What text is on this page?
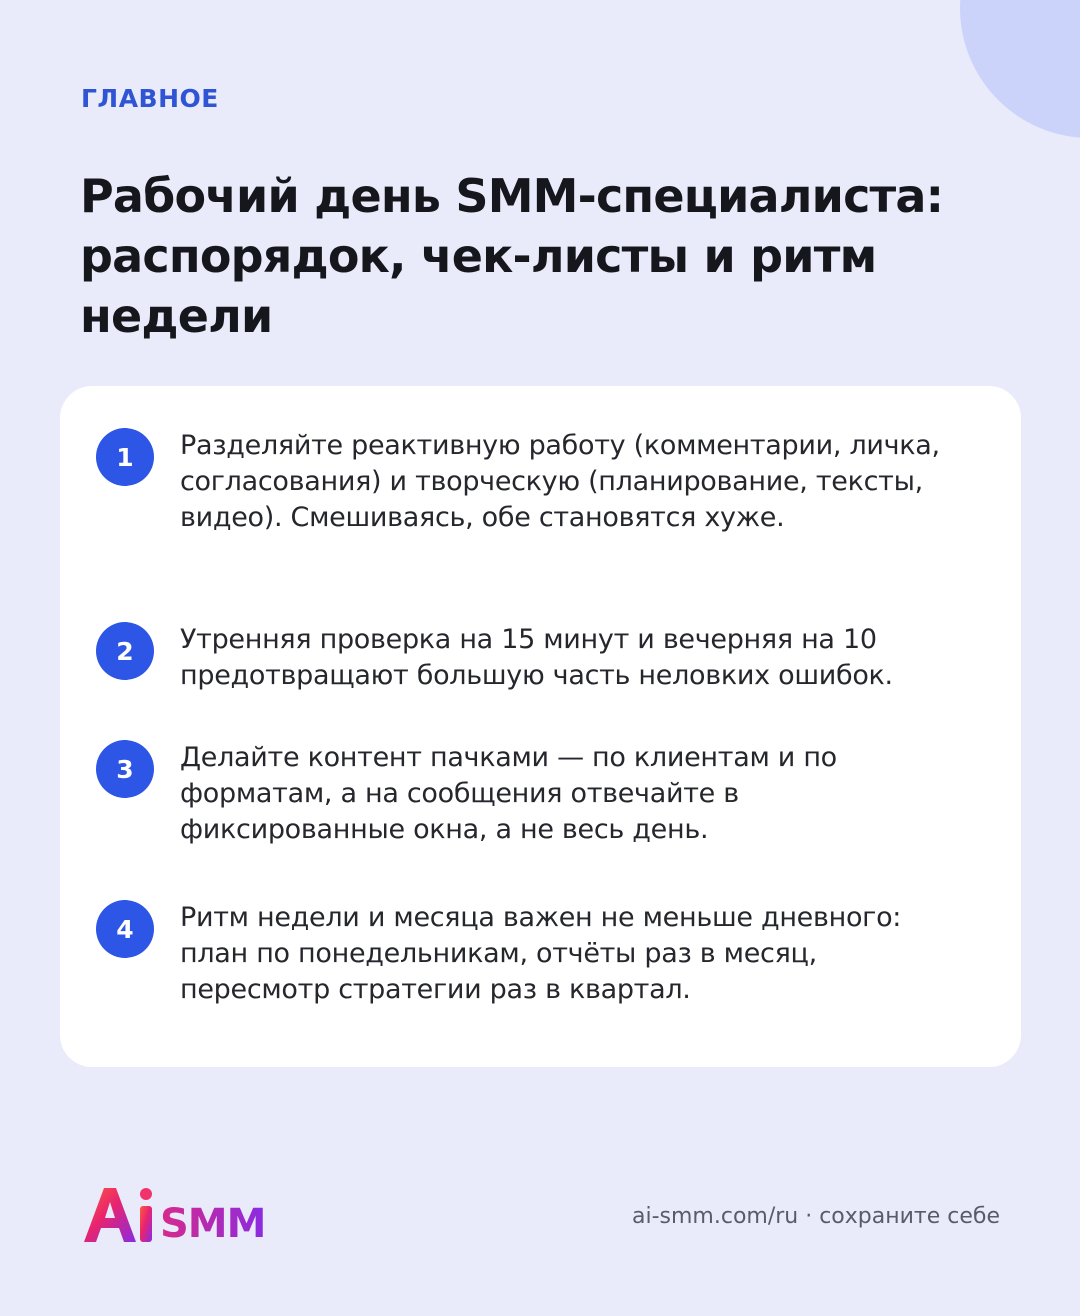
ГЛАВНОЕ
Рабочий день SMM-специалиста: распорядок, чек-листы и ритм недели
1	Разделяйте реактивную работу (комментарии, личка, согласования) и творческую (планирование, тексты, видео). Смешиваясь, обе становятся хуже.
2	Утренняя проверка на 15 минут и вечерняя на 10 предотвращают большую часть неловких ошибок.
3	Делайте контент пачками — по клиентам и по форматам, а на сообщения отвечайте в фиксированные окна, а не весь день.
4	Ритм недели и месяца важен не меньше дневного: план по понедельникам, отчёты раз в месяц, пересмотр стратегии раз в квартал.
SMM	ai-smm.com/ru · сохраните себе
